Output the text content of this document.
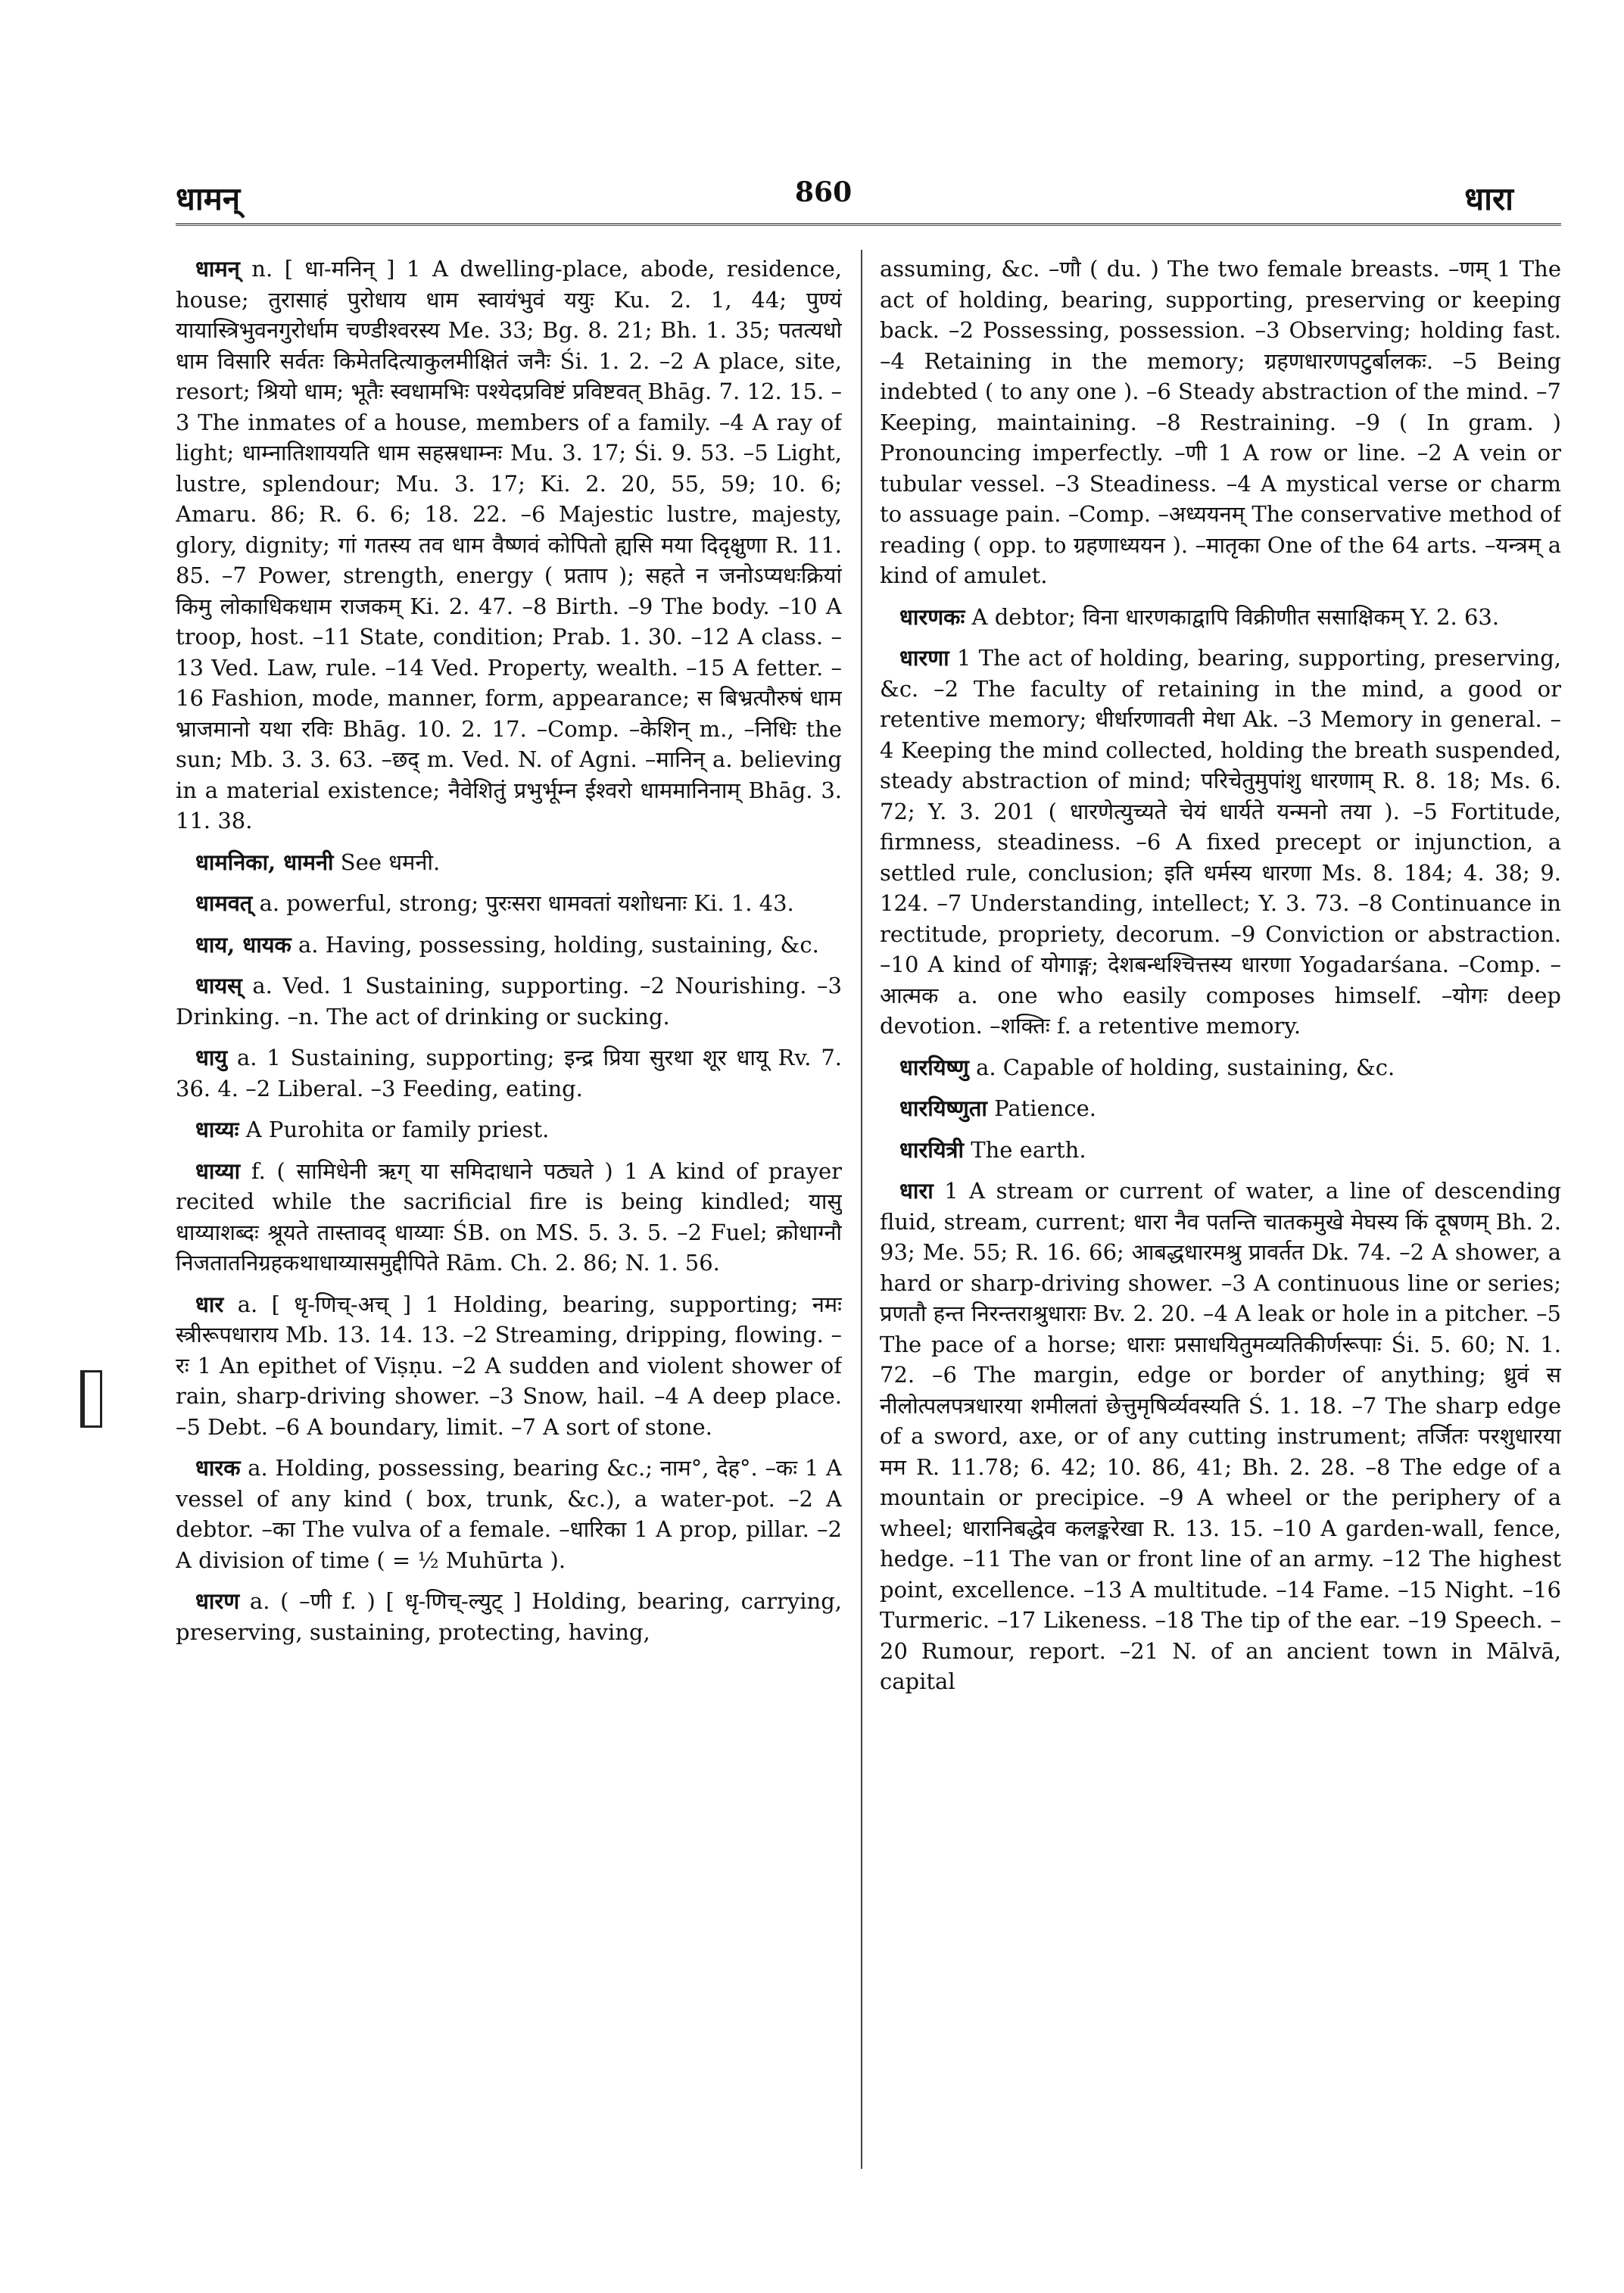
धामन्	860	धारा

धामन् n. [ धा-मनिन् ] 1 A dwelling-place, abode, residence, house; तुरासाहं पुरोधाय धाम स्वायंभुवं ययुः Ku. 2. 1, 44; पुण्यं यायास्त्रिभुवनगुरोर्धाम चण्डीश्वरस्य Me. 33; Bg. 8. 21; Bh. 1. 35; पतत्यधो धाम विसारि सर्वतः किमेतदित्याकुलमीक्षितं जनैः Śi. 1. 2. –2 A place, site, resort; श्रियो धाम; भूतैः स्वधामभिः पश्येदप्रविष्टं प्रविष्टवत् Bhāg. 7. 12. 15. –3 The inmates of a house, members of a family. –4 A ray of light; धाम्नातिशाययति धाम सहस्रधाम्नः Mu. 3. 17; Śi. 9. 53. –5 Light, lustre, splendour; Mu. 3. 17; Ki. 2. 20, 55, 59; 10. 6; Amaru. 86; R. 6. 6; 18. 22. –6 Majestic lustre, majesty, glory, dignity; गां गतस्य तव धाम वैष्णवं कोपितो ह्यसि मया दिदृक्षुणा R. 11. 85. –7 Power, strength, energy ( प्रताप ); सहते न जनोऽप्यधःक्रियां किमु लोकाधिकधाम राजकम् Ki. 2. 47. –8 Birth. –9 The body. –10 A troop, host. –11 State, condition; Prab. 1. 30. –12 A class. –13 Ved. Law, rule. –14 Ved. Property, wealth. –15 A fetter. –16 Fashion, mode, manner, form, appearance; स बिभ्रत्पौरुषं धाम भ्राजमानो यथा रविः Bhāg. 10. 2. 17. –Comp. –केशिन् m., –निधिः the sun; Mb. 3. 3. 63. –छद् m. Ved. N. of Agni. –मानिन् a. believing in a material existence; नैवेशितुं प्रभुर्भूम्न ईश्वरो धाममानिनाम् Bhāg. 3. 11. 38.

धामनिका, धामनी See धमनी.

धामवत् a. powerful, strong; पुरःसरा धामवतां यशोधनाः Ki. 1. 43.

धाय, धायक a. Having, possessing, holding, sustaining, &c.

धायस् a. Ved. 1 Sustaining, supporting. –2 Nourishing. –3 Drinking. –n. The act of drinking or sucking.

धायु a. 1 Sustaining, supporting; इन्द्र प्रिया सुरथा शूर धायू Rv. 7. 36. 4. –2 Liberal. –3 Feeding, eating.

धाय्यः A Purohita or family priest.

धाय्या f. ( सामिधेनी ऋग् या समिदाधाने पठ्यते ) 1 A kind of prayer recited while the sacrificial fire is being kindled; यासु धाय्याशब्दः श्रूयते तास्तावद् धाय्याः ŚB. on MS. 5. 3. 5. –2 Fuel; क्रोधाग्नौ निजतातनिग्रहकथाधाय्यासमुद्दीपिते Rām. Ch. 2. 86; N. 1. 56.

धार a. [ धृ-णिच्-अच् ] 1 Holding, bearing, supporting; नमः स्त्रीरूपधाराय Mb. 13. 14. 13. –2 Streaming, dripping, flowing. –रः 1 An epithet of Viṣṇu. –2 A sudden and violent shower of rain, sharp-driving shower. –3 Snow, hail. –4 A deep place. –5 Debt. –6 A boundary, limit. –7 A sort of stone.

धारक a. Holding, possessing, bearing &c.; नाम°, देह°. –कः 1 A vessel of any kind ( box, trunk, &c.), a water-pot. –2 A debtor. –का The vulva of a female. –धारिका 1 A prop, pillar. –2 A division of time ( = ½ Muhūrta ).

धारण a. ( –णी f. ) [ धृ-णिच्-ल्युट् ] Holding, bearing, carrying, preserving, sustaining, protecting, having,

assuming, &c. –णौ ( du. ) The two female breasts. –णम् 1 The act of holding, bearing, supporting, preserving or keeping back. –2 Possessing, possession. –3 Observing; holding fast. –4 Retaining in the memory; ग्रहणधारणपटुर्बालकः. –5 Being indebted ( to any one ). –6 Steady abstraction of the mind. –7 Keeping, maintaining. –8 Restraining. –9 ( In gram. ) Pronouncing imperfectly. –णी 1 A row or line. –2 A vein or tubular vessel. –3 Steadiness. –4 A mystical verse or charm to assuage pain. –Comp. –अध्ययनम् The conservative method of reading ( opp. to ग्रहणाध्ययन ). –मातृका One of the 64 arts. –यन्त्रम् a kind of amulet.

धारणकः A debtor; विना धारणकाद्वापि विक्रीणीत ससाक्षिकम् Y. 2. 63.

धारणा 1 The act of holding, bearing, supporting, preserving, &c. –2 The faculty of retaining in the mind, a good or retentive memory; धीर्धारणावती मेधा Ak. –3 Memory in general. –4 Keeping the mind collected, holding the breath suspended, steady abstraction of mind; परिचेतुमुपांशु धारणाम् R. 8. 18; Ms. 6. 72; Y. 3. 201 ( धारणेत्युच्यते चेयं धार्यते यन्मनो तया ). –5 Fortitude, firmness, steadiness. –6 A fixed precept or injunction, a settled rule, conclusion; इति धर्मस्य धारणा Ms. 8. 184; 4. 38; 9. 124. –7 Understanding, intellect; Y. 3. 73. –8 Continuance in rectitude, propriety, decorum. –9 Conviction or abstraction. –10 A kind of योगाङ्ग; देशबन्धश्चित्तस्य धारणा Yogadarśana. –Comp. –आत्मक a. one who easily composes himself. –योगः deep devotion. –शक्तिः f. a retentive memory.

धारयिष्णु a. Capable of holding, sustaining, &c.

धारयिष्णुता Patience.

धारयित्री The earth.

धारा 1 A stream or current of water, a line of descending fluid, stream, current; धारा नैव पतन्ति चातकमुखे मेघस्य किं दूषणम् Bh. 2. 93; Me. 55; R. 16. 66; आबद्धधारमश्रु प्रावर्तत Dk. 74. –2 A shower, a hard or sharp-driving shower. –3 A continuous line or series; प्रणतौ हन्त निरन्तराश्रुधाराः Bv. 2. 20. –4 A leak or hole in a pitcher. –5 The pace of a horse; धाराः प्रसाधयितुमव्यतिकीर्णरूपाः Śi. 5. 60; N. 1. 72. –6 The margin, edge or border of anything; ध्रुवं स नीलोत्पलपत्रधारया शमीलतां छेत्तुमृषिर्व्यवस्यति Ś. 1. 18. –7 The sharp edge of a sword, axe, or of any cutting instrument; तर्जितः परशुधारया मम R. 11.78; 6. 42; 10. 86, 41; Bh. 2. 28. –8 The edge of a mountain or precipice. –9 A wheel or the periphery of a wheel; धारानिबद्धेव कलङ्करेखा R. 13. 15. –10 A garden-wall, fence, hedge. –11 The van or front line of an army. –12 The highest point, excellence. –13 A multitude. –14 Fame. –15 Night. –16 Turmeric. –17 Likeness. –18 The tip of the ear. –19 Speech. –20 Rumour, report. –21 N. of an ancient town in Mālvā, capital
